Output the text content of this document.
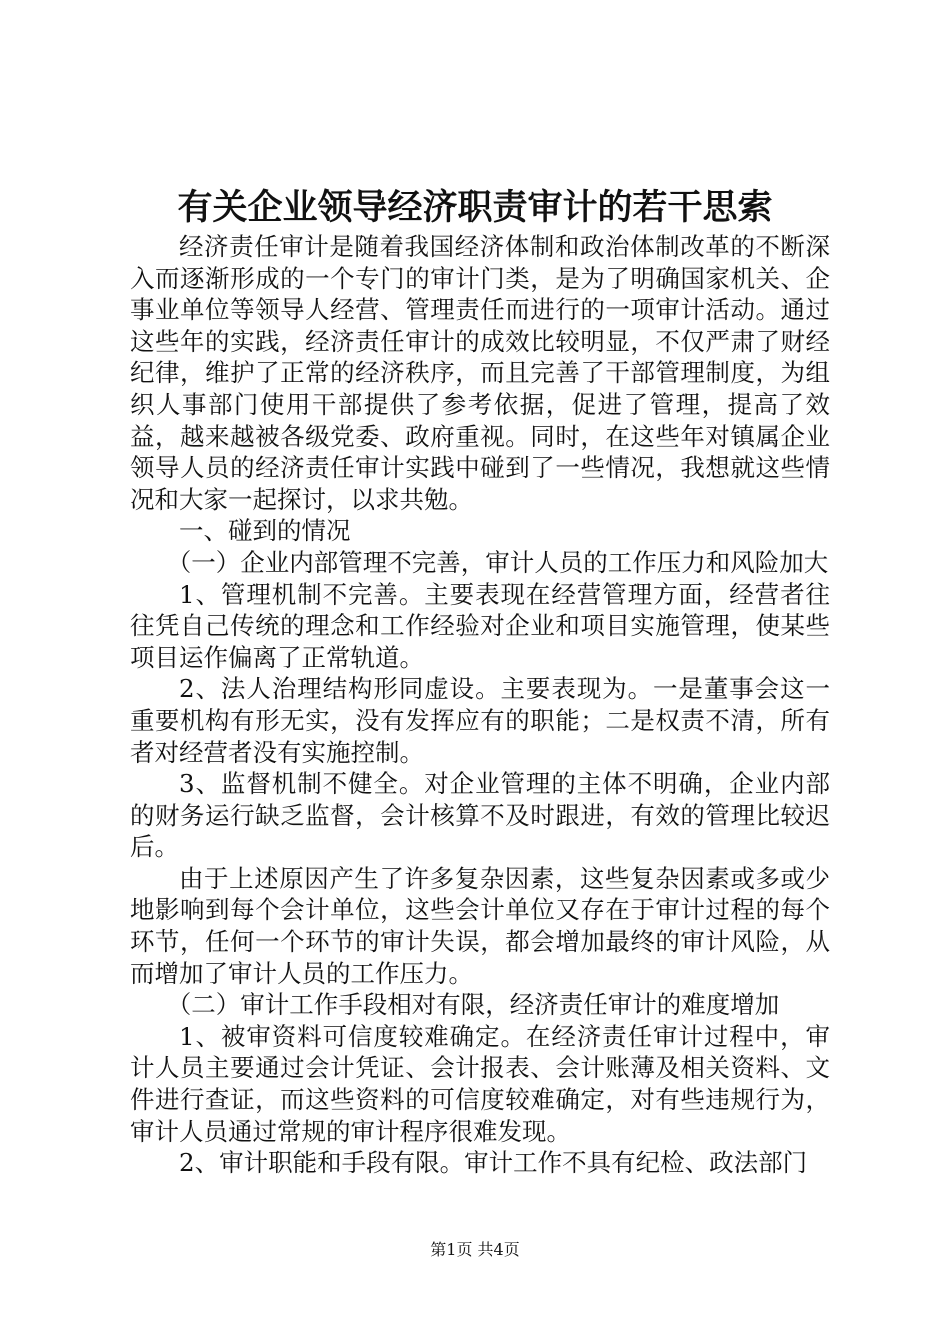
有关企业领导经济职责审计的若干思索

经济责任审计是随着我国经济体制和政治体制改革的不断深入而逐渐形成的一个专门的审计门类，是为了明确国家机关、企事业单位等领导人经营、管理责任而进行的一项审计活动。通过这些年的实践，经济责任审计的成效比较明显，不仅严肃了财经纪律，维护了正常的经济秩序，而且完善了干部管理制度，为组织人事部门使用干部提供了参考依据，促进了管理，提高了效益，越来越被各级党委、政府重视。同时，在这些年对镇属企业领导人员的经济责任审计实践中碰到了一些情况，我想就这些情况和大家一起探讨，以求共勉。

一、碰到的情况

（一）企业内部管理不完善，审计人员的工作压力和风险加大

1、管理机制不完善。主要表现在经营管理方面，经营者往往凭自己传统的理念和工作经验对企业和项目实施管理，使某些项目运作偏离了正常轨道。

2、法人治理结构形同虚设。主要表现为。一是董事会这一重要机构有形无实，没有发挥应有的职能；二是权责不清，所有者对经营者没有实施控制。

3、监督机制不健全。对企业管理的主体不明确，企业内部的财务运行缺乏监督，会计核算不及时跟进，有效的管理比较迟后。

由于上述原因产生了许多复杂因素，这些复杂因素或多或少地影响到每个会计单位，这些会计单位又存在于审计过程的每个环节，任何一个环节的审计失误，都会增加最终的审计风险，从而增加了审计人员的工作压力。

（二）审计工作手段相对有限，经济责任审计的难度增加

1、被审资料可信度较难确定。在经济责任审计过程中，审计人员主要通过会计凭证、会计报表、会计账薄及相关资料、文件进行查证，而这些资料的可信度较难确定，对有些违规行为，审计人员通过常规的审计程序很难发现。

2、审计职能和手段有限。审计工作不具有纪检、政法部门

第1页 共4页
